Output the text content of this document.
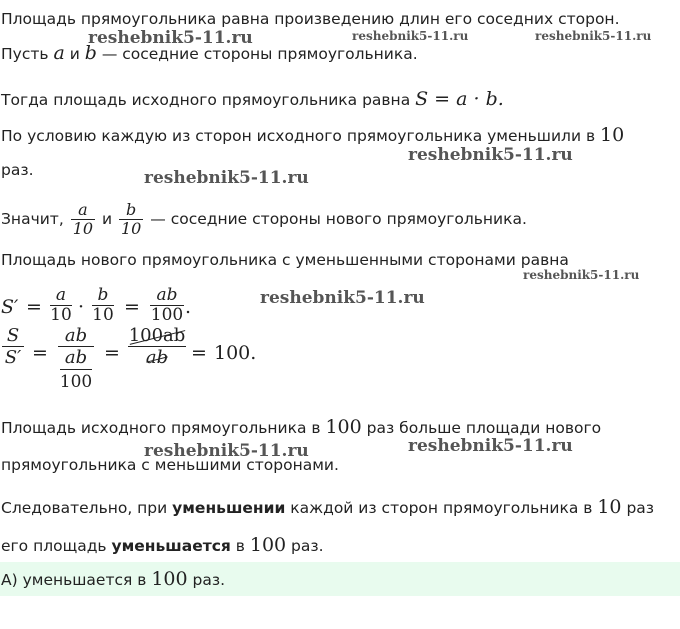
Площадь прямоугольника равна произведению длин его соседних сторон.
Пусть a и b — соседние стороны прямоугольника.
Тогда площадь исходного прямоугольника равна S = a · b.
По условию каждую из сторон исходного прямоугольника уменьшили в 10
раз.
Значит, $\frac{a}{10}$ и $\frac{b}{10}$ — соседние стороны нового прямоугольника.
Площадь нового прямоугольника с уменьшенными сторонами равна
$S' = \frac{a}{10} \cdot \frac{b}{10} = \frac{ab}{100}$ .
$\frac{S}{S'}$ =
ab
ab
100
= $\frac{100ab}{ab} = 100$.
Площадь исходного прямоугольника в 100 раз больше площади нового
прямоугольника с меньшими сторонами.
Следовательно, при уменьшении каждой из сторон прямоугольника в 10 раз
его площадь уменьшается в 100 раз.
А) уменьшается в 100 раз.
reshebnik5-11.ru	reshebnik5-11.ru	reshebnik5-11.ru
reshebnik5-11.ru
reshebnik5-11.ru
reshebnik5-11.ru
reshebnik5-11.ru
reshebnik5-11.ru	reshebnik5-11.ru
